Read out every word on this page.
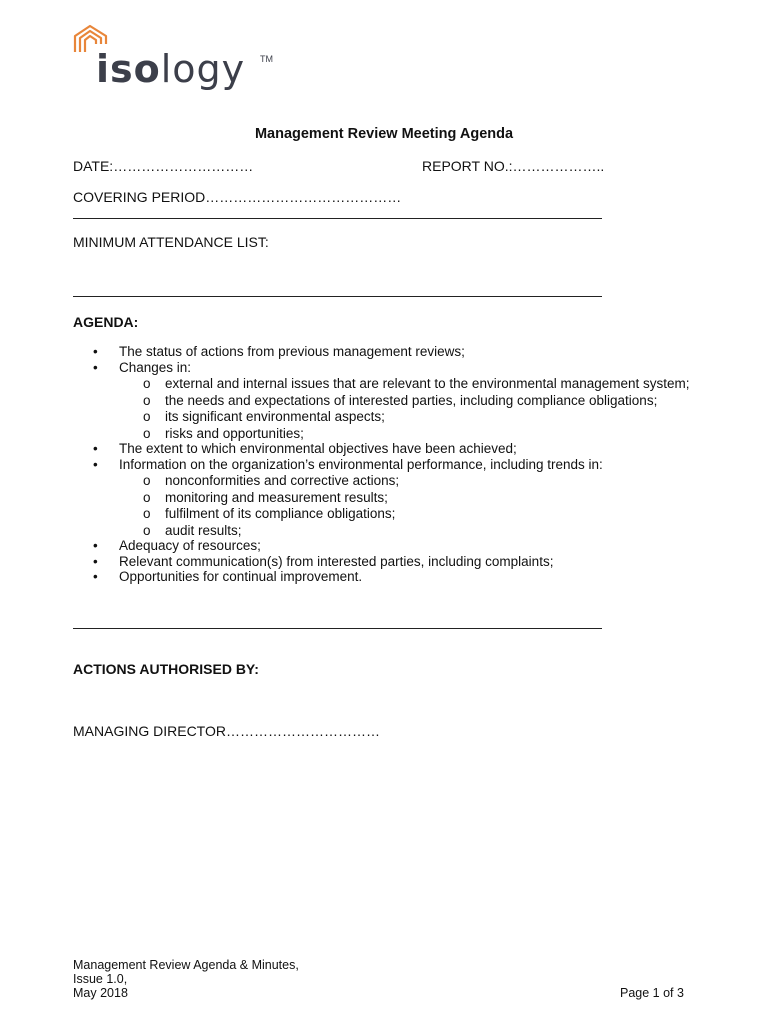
isology TM
Management Review Meeting Agenda
DATE:…………………………	REPORT NO.:………………..
COVERING PERIOD……………………………………
MINIMUM ATTENDANCE LIST:
AGENDA:
• The status of actions from previous management reviews;
• Changes in:
o external and internal issues that are relevant to the environmental management system;
o the needs and expectations of interested parties, including compliance obligations;
o its significant environmental aspects;
o risks and opportunities;
• The extent to which environmental objectives have been achieved;
• Information on the organization’s environmental performance, including trends in:
o nonconformities and corrective actions;
o monitoring and measurement results;
o fulfilment of its compliance obligations;
o audit results;
• Adequacy of resources;
• Relevant communication(s) from interested parties, including complaints;
• Opportunities for continual improvement.
ACTIONS AUTHORISED BY:
MANAGING DIRECTOR……………………………
Management Review Agenda & Minutes,
Issue 1.0,
May 2018	Page 1 of 3
